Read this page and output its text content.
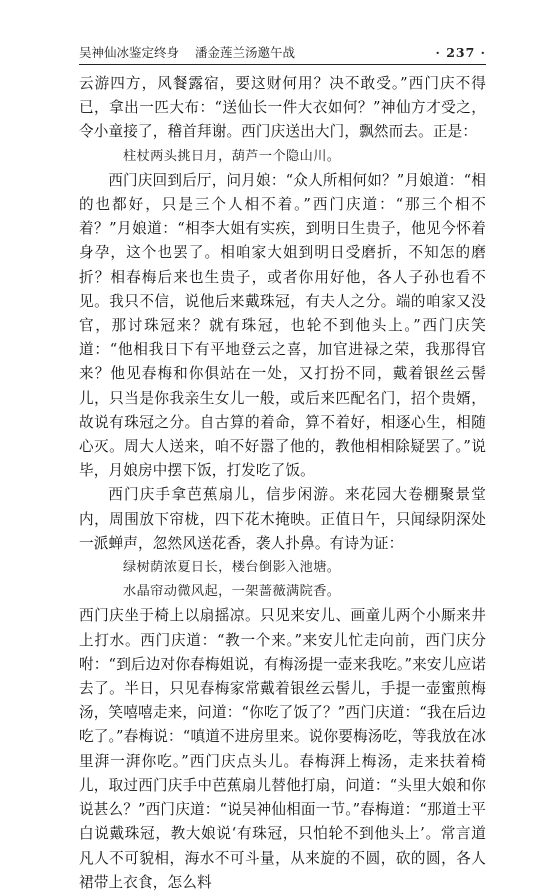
吴神仙冰鉴定终身 潘金莲兰汤邀午战	· 237 ·

云游四方，风餐露宿，要这财何用？决不敢受。”西门庆不得已，拿出一匹大布：“送仙长一件大衣如何？”神仙方才受之，令小童接了，稽首拜谢。西门庆送出大门，飘然而去。正是：

柱杖两头挑日月，葫芦一个隐山川。

西门庆回到后厅，问月娘：“众人所相何如？”月娘道：“相的也都好，只是三个人相不着。”西门庆道：“那三个相不着？”月娘道：“相李大姐有实疾，到明日生贵子，他见今怀着身孕，这个也罢了。相咱家大姐到明日受磨折，不知怎的磨折？相春梅后来也生贵子，或者你用好他，各人子孙也看不见。我只不信，说他后来戴珠冠，有夫人之分。端的咱家又没官，那讨珠冠来？就有珠冠，也轮不到他头上。”西门庆笑道：“他相我日下有平地登云之喜，加官进禄之荣，我那得官来？他见春梅和你俱站在一处，又打扮不同，戴着银丝云髻儿，只当是你我亲生女儿一般，或后来匹配名门，招个贵婿，故说有珠冠之分。自古算的着命，算不着好，相逐心生，相随心灭。周大人送来，咱不好嚣了他的，教他相相除疑罢了。”说毕，月娘房中摆下饭，打发吃了饭。

西门庆手拿芭蕉扇儿，信步闲游。来花园大卷棚聚景堂内，周围放下帘栊，四下花木掩映。正值日午，只闻绿阴深处一派蝉声，忽然风送花香，袭人扑鼻。有诗为证：

绿树荫浓夏日长，楼台倒影入池塘。

水晶帘动微风起，一架蔷薇满院香。

西门庆坐于椅上以扇摇凉。只见来安儿、画童儿两个小厮来井上打水。西门庆道：“教一个来。”来安儿忙走向前，西门庆分咐：“到后边对你春梅姐说，有梅汤提一壶来我吃。”来安儿应诺去了。半日，只见春梅家常戴着银丝云髻儿，手提一壶蜜煎梅汤，笑嘻嘻走来，问道：“你吃了饭了？”西门庆道：“我在后边吃了。”春梅说：“嗔道不进房里来。说你要梅汤吃，等我放在冰里湃一湃你吃。”西门庆点头儿。春梅湃上梅汤，走来扶着椅儿，取过西门庆手中芭蕉扇儿替他打扇，问道：“头里大娘和你说甚么？”西门庆道：“说吴神仙相面一节。”春梅道：“那道士平白说戴珠冠，教大娘说‘有珠冠，只怕轮不到他头上’。常言道凡人不可貌相，海水不可斗量，从来旋的不圆，砍的圆，各人裙带上衣食，怎么料
